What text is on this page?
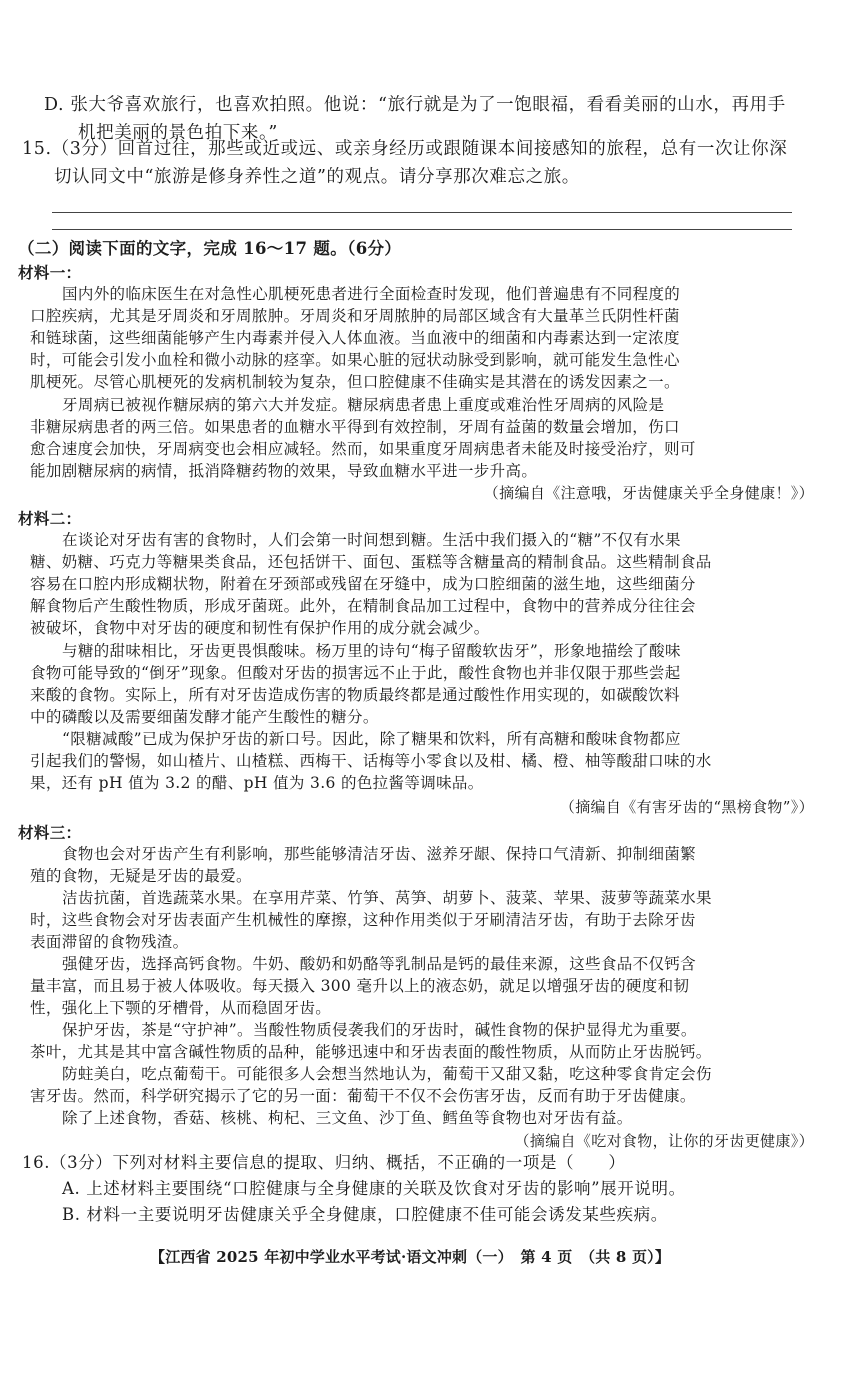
D. 张大爷喜欢旅行，也喜欢拍照。他说：“旅行就是为了一饱眼福，看看美丽的山水，再用手
机把美丽的景色拍下来。”
15.（3分）回首过往，那些或近或远、或亲身经历或跟随课本间接感知的旅程，总有一次让你深
切认同文中“旅游是修身养性之道”的观点。请分享那次难忘之旅。
（二）阅读下面的文字，完成 16～17 题。（6分）
材料一：
国内外的临床医生在对急性心肌梗死患者进行全面检查时发现，他们普遍患有不同程度的
口腔疾病，尤其是牙周炎和牙周脓肿。牙周炎和牙周脓肿的局部区域含有大量革兰氏阴性杆菌
和链球菌，这些细菌能够产生内毒素并侵入人体血液。当血液中的细菌和内毒素达到一定浓度
时，可能会引发小血栓和微小动脉的痉挛。如果心脏的冠状动脉受到影响，就可能发生急性心
肌梗死。尽管心肌梗死的发病机制较为复杂，但口腔健康不佳确实是其潜在的诱发因素之一。
牙周病已被视作糖尿病的第六大并发症。糖尿病患者患上重度或难治性牙周病的风险是
非糖尿病患者的两三倍。如果患者的血糖水平得到有效控制，牙周有益菌的数量会增加，伤口
愈合速度会加快，牙周病变也会相应减轻。然而，如果重度牙周病患者未能及时接受治疗，则可
能加剧糖尿病的病情，抵消降糖药物的效果，导致血糖水平进一步升高。
（摘编自《注意哦，牙齿健康关乎全身健康！》）
材料二：
在谈论对牙齿有害的食物时，人们会第一时间想到糖。生活中我们摄入的“糖”不仅有水果
糖、奶糖、巧克力等糖果类食品，还包括饼干、面包、蛋糕等含糖量高的精制食品。这些精制食品
容易在口腔内形成糊状物，附着在牙颈部或残留在牙缝中，成为口腔细菌的滋生地，这些细菌分
解食物后产生酸性物质，形成牙菌斑。此外，在精制食品加工过程中，食物中的营养成分往往会
被破坏，食物中对牙齿的硬度和韧性有保护作用的成分就会减少。
与糖的甜味相比，牙齿更畏惧酸味。杨万里的诗句“梅子留酸软齿牙”，形象地描绘了酸味
食物可能导致的“倒牙”现象。但酸对牙齿的损害远不止于此，酸性食物也并非仅限于那些尝起
来酸的食物。实际上，所有对牙齿造成伤害的物质最终都是通过酸性作用实现的，如碳酸饮料
中的磷酸以及需要细菌发酵才能产生酸性的糖分。
“限糖减酸”已成为保护牙齿的新口号。因此，除了糖果和饮料，所有高糖和酸味食物都应
引起我们的警惕，如山楂片、山楂糕、西梅干、话梅等小零食以及柑、橘、橙、柚等酸甜口味的水
果，还有 pH 值为 3.2 的醋、pH 值为 3.6 的色拉酱等调味品。
（摘编自《有害牙齿的“黑榜食物”》）
材料三：
食物也会对牙齿产生有利影响，那些能够清洁牙齿、滋养牙龈、保持口气清新、抑制细菌繁
殖的食物，无疑是牙齿的最爱。
洁齿抗菌，首选蔬菜水果。在享用芹菜、竹笋、莴笋、胡萝卜、菠菜、苹果、菠萝等蔬菜水果
时，这些食物会对牙齿表面产生机械性的摩擦，这种作用类似于牙刷清洁牙齿，有助于去除牙齿
表面滞留的食物残渣。
强健牙齿，选择高钙食物。牛奶、酸奶和奶酪等乳制品是钙的最佳来源，这些食品不仅钙含
量丰富，而且易于被人体吸收。每天摄入 300 毫升以上的液态奶，就足以增强牙齿的硬度和韧
性，强化上下颚的牙槽骨，从而稳固牙齿。
保护牙齿，茶是“守护神”。当酸性物质侵袭我们的牙齿时，碱性食物的保护显得尤为重要。
茶叶，尤其是其中富含碱性物质的品种，能够迅速中和牙齿表面的酸性物质，从而防止牙齿脱钙。
防蛀美白，吃点葡萄干。可能很多人会想当然地认为，葡萄干又甜又黏，吃这种零食肯定会伤
害牙齿。然而，科学研究揭示了它的另一面：葡萄干不仅不会伤害牙齿，反而有助于牙齿健康。
除了上述食物，香菇、核桃、枸杞、三文鱼、沙丁鱼、鳕鱼等食物也对牙齿有益。
（摘编自《吃对食物，让你的牙齿更健康》）
16.（3分）下列对材料主要信息的提取、归纳、概括，不正确的一项是（　　）
A. 上述材料主要围绕“口腔健康与全身健康的关联及饮食对牙齿的影响”展开说明。
B. 材料一主要说明牙齿健康关乎全身健康，口腔健康不佳可能会诱发某些疾病。
【江西省 2025 年初中学业水平考试·语文冲刺（一）　第 4 页　（共 8 页）】
